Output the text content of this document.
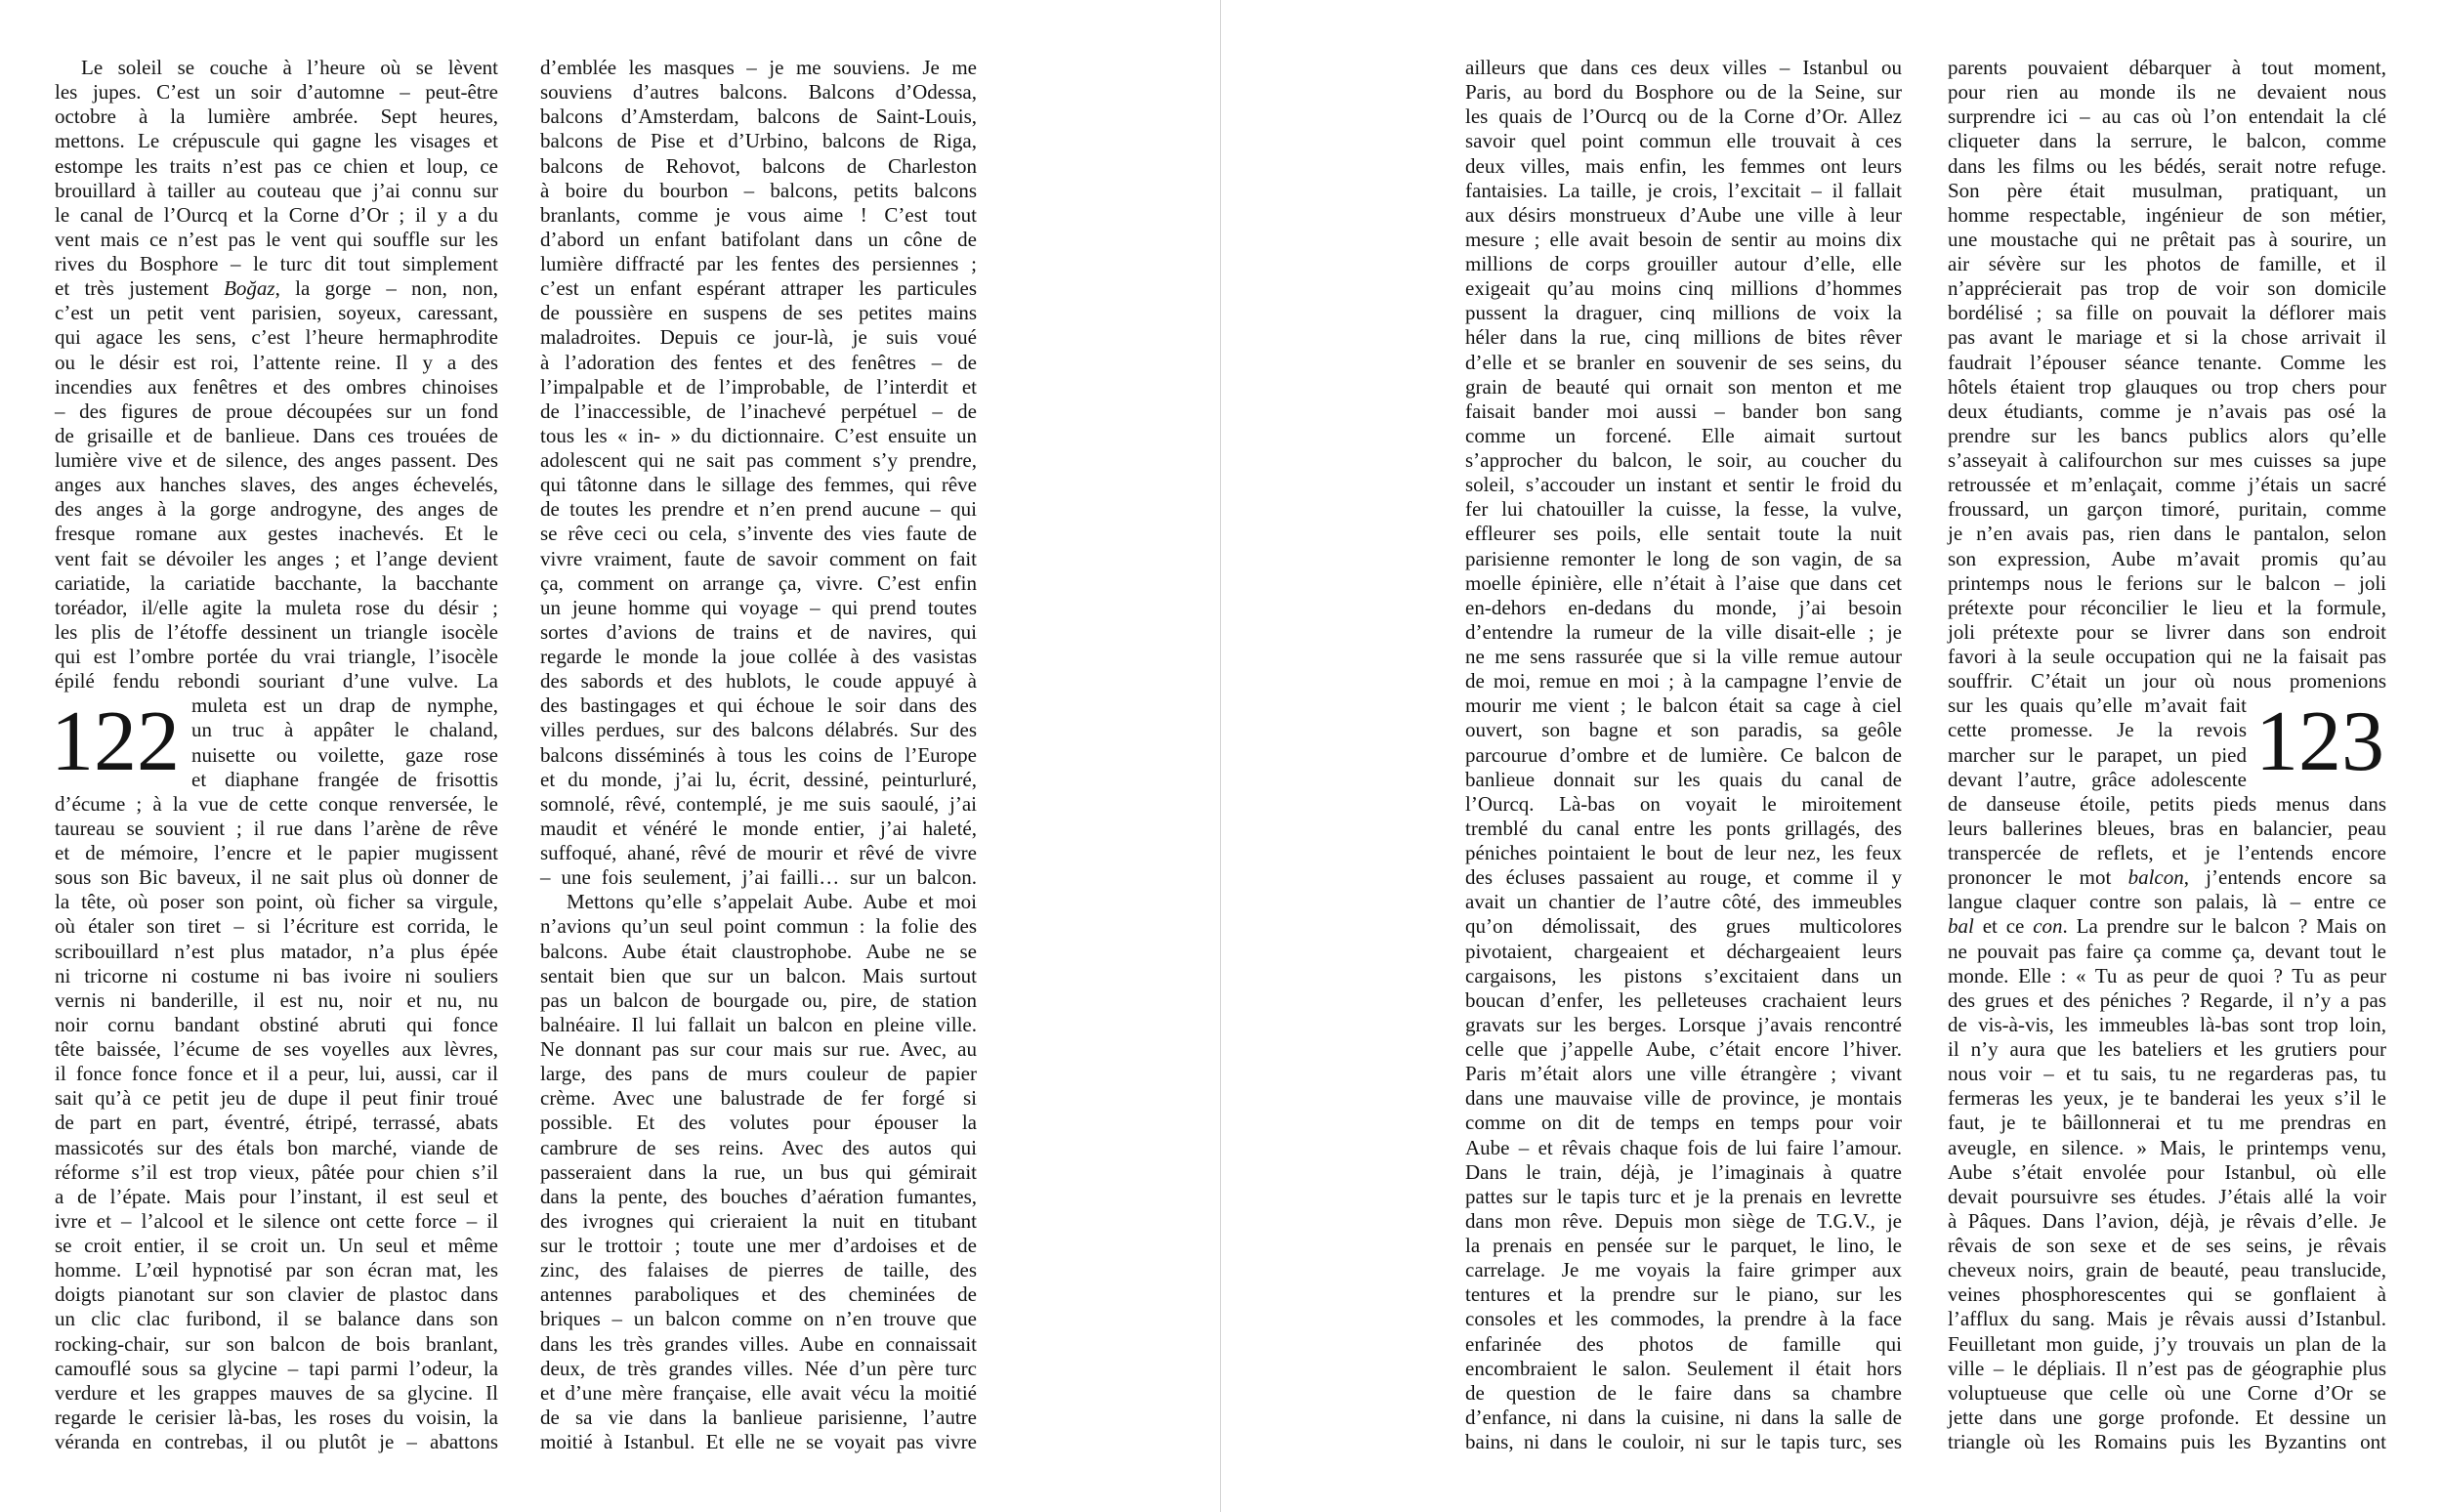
Le soleil se couche à l’heure où se lèvent
les jupes. C’est un soir d’automne – peut-être
octobre à la lumière ambrée. Sept heures,
mettons. Le crépuscule qui gagne les visages et
estompe les traits n’est pas ce chien et loup, ce
brouillard à tailler au couteau que j’ai connu sur
le canal de l’Ourcq et la Corne d’Or ; il y a du
vent mais ce n’est pas le vent qui souffle sur les
rives du Bosphore – le turc dit tout simplement
et très justement Boğaz, la gorge – non, non,
c’est un petit vent parisien, soyeux, caressant,
qui agace les sens, c’est l’heure hermaphrodite
ou le désir est roi, l’attente reine. Il y a des
incendies aux fenêtres et des ombres chinoises
– des figures de proue découpées sur un fond
de grisaille et de banlieue. Dans ces trouées de
lumière vive et de silence, des anges passent. Des
anges aux hanches slaves, des anges échevelés,
des anges à la gorge androgyne, des anges de
fresque romane aux gestes inachevés. Et le
vent fait se dévoiler les anges ; et l’ange devient
cariatide, la cariatide bacchante, la bacchante
toréador, il/elle agite la muleta rose du désir ;
les plis de l’étoffe dessinent un triangle isocèle
qui est l’ombre portée du vrai triangle, l’isocèle
épilé fendu rebondi souriant d’une vulve. La
muleta est un drap de nymphe,
un truc à appâter le chaland,
nuisette ou voilette, gaze rose
et diaphane frangée de frisottis
d’écume ; à la vue de cette conque renversée, le
taureau se souvient ; il rue dans l’arène de rêve
et de mémoire, l’encre et le papier mugissent
sous son Bic baveux, il ne sait plus où donner de
la tête, où poser son point, où ficher sa virgule,
où étaler son tiret – si l’écriture est corrida, le
scribouillard n’est plus matador, n’a plus épée
ni tricorne ni costume ni bas ivoire ni souliers
vernis ni banderille, il est nu, noir et nu, nu
noir cornu bandant obstiné abruti qui fonce
tête baissée, l’écume de ses voyelles aux lèvres,
il fonce fonce fonce et il a peur, lui, aussi, car il
sait qu’à ce petit jeu de dupe il peut finir troué
de part en part, éventré, étripé, terrassé, abats
massicotés sur des étals bon marché, viande de
réforme s’il est trop vieux, pâtée pour chien s’il
a de l’épate. Mais pour l’instant, il est seul et
ivre et – l’alcool et le silence ont cette force – il
se croit entier, il se croit un. Un seul et même
homme. L’œil hypnotisé par son écran mat, les
doigts pianotant sur son clavier de plastoc dans
un clic clac furibond, il se balance dans son
rocking-chair, sur son balcon de bois branlant,
camouflé sous sa glycine – tapi parmi l’odeur, la
verdure et les grappes mauves de sa glycine. Il
regarde le cerisier là-bas, les roses du voisin, la
véranda en contrebas, il ou plutôt je – abattons
d’emblée les masques – je me souviens. Je me
souviens d’autres balcons. Balcons d’Odessa,
balcons d’Amsterdam, balcons de Saint-Louis,
balcons de Pise et d’Urbino, balcons de Riga,
balcons de Rehovot, balcons de Charleston
à boire du bourbon – balcons, petits balcons
branlants, comme je vous aime ! C’est tout
d’abord un enfant batifolant dans un cône de
lumière diffracté par les fentes des persiennes ;
c’est un enfant espérant attraper les particules
de poussière en suspens de ses petites mains
maladroites. Depuis ce jour-là, je suis voué
à l’adoration des fentes et des fenêtres – de
l’impalpable et de l’improbable, de l’interdit et
de l’inaccessible, de l’inachevé perpétuel – de
tous les « in- » du dictionnaire. C’est ensuite un
adolescent qui ne sait pas comment s’y prendre,
qui tâtonne dans le sillage des femmes, qui rêve
de toutes les prendre et n’en prend aucune – qui
se rêve ceci ou cela, s’invente des vies faute de
vivre vraiment, faute de savoir comment on fait
ça, comment on arrange ça, vivre. C’est enfin
un jeune homme qui voyage – qui prend toutes
sortes d’avions de trains et de navires, qui
regarde le monde la joue collée à des vasistas
des sabords et des hublots, le coude appuyé à
des bastingages et qui échoue le soir dans des
villes perdues, sur des balcons délabrés. Sur des
balcons disséminés à tous les coins de l’Europe
et du monde, j’ai lu, écrit, dessiné, peinturluré,
somnolé, rêvé, contemplé, je me suis saoulé, j’ai
maudit et vénéré le monde entier, j’ai haleté,
suffoqué, ahané, rêvé de mourir et rêvé de vivre
– une fois seulement, j’ai failli… sur un balcon.
Mettons qu’elle s’appelait Aube. Aube et moi
n’avions qu’un seul point commun : la folie des
balcons. Aube était claustrophobe. Aube ne se
sentait bien que sur un balcon. Mais surtout
pas un balcon de bourgade ou, pire, de station
balnéaire. Il lui fallait un balcon en pleine ville.
Ne donnant pas sur cour mais sur rue. Avec, au
large, des pans de murs couleur de papier
crème. Avec une balustrade de fer forgé si
possible. Et des volutes pour épouser la
cambrure de ses reins. Avec des autos qui
passeraient dans la rue, un bus qui gémirait
dans la pente, des bouches d’aération fumantes,
des ivrognes qui crieraient la nuit en titubant
sur le trottoir ; toute une mer d’ardoises et de
zinc, des falaises de pierres de taille, des
antennes paraboliques et des cheminées de
briques – un balcon comme on n’en trouve que
dans les très grandes villes. Aube en connaissait
deux, de très grandes villes. Née d’un père turc
et d’une mère française, elle avait vécu la moitié
de sa vie dans la banlieue parisienne, l’autre
moitié à Istanbul. Et elle ne se voyait pas vivre
122
ailleurs que dans ces deux villes – Istanbul ou
Paris, au bord du Bosphore ou de la Seine, sur
les quais de l’Ourcq ou de la Corne d’Or. Allez
savoir quel point commun elle trouvait à ces
deux villes, mais enfin, les femmes ont leurs
fantaisies. La taille, je crois, l’excitait – il fallait
aux désirs monstrueux d’Aube une ville à leur
mesure ; elle avait besoin de sentir au moins dix
millions de corps grouiller autour d’elle, elle
exigeait qu’au moins cinq millions d’hommes
pussent la draguer, cinq millions de voix la
héler dans la rue, cinq millions de bites rêver
d’elle et se branler en souvenir de ses seins, du
grain de beauté qui ornait son menton et me
faisait bander moi aussi – bander bon sang
comme un forcené. Elle aimait surtout
s’approcher du balcon, le soir, au coucher du
soleil, s’accouder un instant et sentir le froid du
fer lui chatouiller la cuisse, la fesse, la vulve,
effleurer ses poils, elle sentait toute la nuit
parisienne remonter le long de son vagin, de sa
moelle épinière, elle n’était à l’aise que dans cet
en-dehors en-dedans du monde, j’ai besoin
d’entendre la rumeur de la ville disait-elle ; je
ne me sens rassurée que si la ville remue autour
de moi, remue en moi ; à la campagne l’envie de
mourir me vient ; le balcon était sa cage à ciel
ouvert, son bagne et son paradis, sa geôle
parcourue d’ombre et de lumière. Ce balcon de
banlieue donnait sur les quais du canal de
l’Ourcq. Là-bas on voyait le miroitement
tremblé du canal entre les ponts grillagés, des
péniches pointaient le bout de leur nez, les feux
des écluses passaient au rouge, et comme il y
avait un chantier de l’autre côté, des immeubles
qu’on démolissait, des grues multicolores
pivotaient, chargeaient et déchargeaient leurs
cargaisons, les pistons s’excitaient dans un
boucan d’enfer, les pelleteuses crachaient leurs
gravats sur les berges. Lorsque j’avais rencontré
celle que j’appelle Aube, c’était encore l’hiver.
Paris m’était alors une ville étrangère ; vivant
dans une mauvaise ville de province, je montais
comme on dit de temps en temps pour voir
Aube – et rêvais chaque fois de lui faire l’amour.
Dans le train, déjà, je l’imaginais à quatre
pattes sur le tapis turc et je la prenais en levrette
dans mon rêve. Depuis mon siège de T.G.V., je
la prenais en pensée sur le parquet, le lino, le
carrelage. Je me voyais la faire grimper aux
tentures et la prendre sur le piano, sur les
consoles et les commodes, la prendre à la face
enfarinée des photos de famille qui
encombraient le salon. Seulement il était hors
de question de le faire dans sa chambre
d’enfance, ni dans la cuisine, ni dans la salle de
bains, ni dans le couloir, ni sur le tapis turc, ses
parents pouvaient débarquer à tout moment,
pour rien au monde ils ne devaient nous
surprendre ici – au cas où l’on entendait la clé
cliqueter dans la serrure, le balcon, comme
dans les films ou les bédés, serait notre refuge.
Son père était musulman, pratiquant, un
homme respectable, ingénieur de son métier,
une moustache qui ne prêtait pas à sourire, un
air sévère sur les photos de famille, et il
n’apprécierait pas trop de voir son domicile
bordélisé ; sa fille on pouvait la déflorer mais
pas avant le mariage et si la chose arrivait il
faudrait l’épouser séance tenante. Comme les
hôtels étaient trop glauques ou trop chers pour
deux étudiants, comme je n’avais pas osé la
prendre sur les bancs publics alors qu’elle
s’asseyait à califourchon sur mes cuisses sa jupe
retroussée et m’enlaçait, comme j’étais un sacré
froussard, un garçon timoré, puritain, comme
je n’en avais pas, rien dans le pantalon, selon
son expression, Aube m’avait promis qu’au
printemps nous le ferions sur le balcon – joli
prétexte pour réconcilier le lieu et la formule,
joli prétexte pour se livrer dans son endroit
favori à la seule occupation qui ne la faisait pas
souffrir. C’était un jour où nous promenions
sur les quais qu’elle m’avait fait
cette promesse. Je la revois
marcher sur le parapet, un pied
devant l’autre, grâce adolescente
de danseuse étoile, petits pieds menus dans
leurs ballerines bleues, bras en balancier, peau
transpercée de reflets, et je l’entends encore
prononcer le mot balcon, j’entends encore sa
langue claquer contre son palais, là – entre ce
bal et ce con. La prendre sur le balcon ? Mais on
ne pouvait pas faire ça comme ça, devant tout le
monde. Elle : « Tu as peur de quoi ? Tu as peur
des grues et des péniches ? Regarde, il n’y a pas
de vis-à-vis, les immeubles là-bas sont trop loin,
il n’y aura que les bateliers et les grutiers pour
nous voir – et tu sais, tu ne regarderas pas, tu
fermeras les yeux, je te banderai les yeux s’il le
faut, je te bâillonnerai et tu me prendras en
aveugle, en silence. » Mais, le printemps venu,
Aube s’était envolée pour Istanbul, où elle
devait poursuivre ses études. J’étais allé la voir
à Pâques. Dans l’avion, déjà, je rêvais d’elle. Je
rêvais de son sexe et de ses seins, je rêvais
cheveux noirs, grain de beauté, peau translucide,
veines phosphorescentes qui se gonflaient à
l’afflux du sang. Mais je rêvais aussi d’Istanbul.
Feuilletant mon guide, j’y trouvais un plan de la
ville – le dépliais. Il n’est pas de géographie plus
voluptueuse que celle où une Corne d’Or se
jette dans une gorge profonde. Et dessine un
triangle où les Romains puis les Byzantins ont
123
